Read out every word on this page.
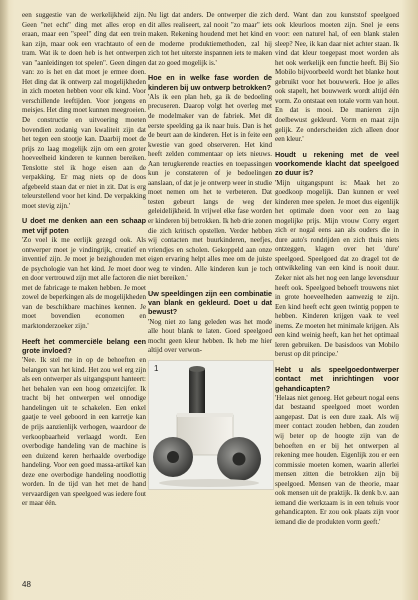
een suggestie van de werkelijkheid zijn. Geen "net echt" ding met alles erop en eraan, maar een "speel" ding dat een trein kan zijn, maar ook een vrachtauto of een tram. Wat ik te doen heb is het ontwerpen van "aanleidingen tot spelen". Geen dingen van: zo is het en dat moet je ermee doen. Het ding dat ik ontwerp zal mogelijkheden in zich moeten hebben voor elk kind. Voor verschillende leeftijden. Voor jongens en meisjes. Het ding moet kunnen meegroeien. De constructie en uitvoering moeten bovendien zodanig van kwaliteit zijn dat het tegen een stootje kan. Daarbij moet de prijs zo laag mogelijk zijn om een groter hoeveelheid kinderen te kunnen bereiken. Tenslotte stel ik hoge eisen aan de verpakking. Er mag niets op de doos afgebeeld staan dat er niet in zit. Dat is erg teleurstellend voor het kind. De verpakking moet stevig zijn.'

U doet me denken aan een schaap met vijf poten

'Zo voel ik me eerlijk gezegd ook. Als ontwerper moet je vindingrijk, creatief en inventief zijn. Je moet je bezighouden met de psychologie van het kind. Je moet door en door vertrouwd zijn met alle factoren die met de fabricage te maken hebben. Je moet zowel de beperkingen als de mogelijkheden van de beschikbare machines kennen. Je moet bovendien economen en marktonderzoeker zijn.'

Heeft het commerciële belang een grote invloed?

'Nee. Ik stel me in op de behoeften en belangen van het kind. Het zou wel erg zijn als een ontwerper als uitgangspunt hanteert: het behalen van een hoog omzetcijfer. Ik tracht bij het ontwerpen wel onnodige handelingen uit te schakelen. Een enkel gaatje te veel geboord in een karretje kan de prijs aanzienlijk verhogen, waardoor de verkoopbaarheid verlaagd wordt. Een overbodige handeling van de machine is een duizend keren herhaalde overbodige handeling. Voor een goed massa-artikel kan deze ene overbodige handeling noodlottig worden. In de tijd van het met de hand vervaardigen van speelgoed was iedere fout er maar één.

Nu ligt dat anders. De ontwerper die zich dit alles realiseert, zal nooit "zo maar" iets maken. Rekening houdend met het kind en de moderne produktiemethoden, zal hij zich tot het uiterste inspannen iets te maken dat zo goed mogelijk is.'

Hoe en in welke fase worden de kinderen bij uw ontwerp betrokken?

'Als ik een plan heb, ga ik de bedoeling precuseren. Daarop volgt het overleg met de modelmaker van de fabriek. Met dit eerste speelding ga ik naar huis. Dan is het de beurt aan de kinderen. Het is in feite een kwestie van goed observeren. Het kind heeft zelden commentaar op iets nieuws. Aan terugkerende reacties en toepassingen kun je constateren of je bedoelingen aanslaan, of dat je je ontwerp weer in studie moet nemen om het te verbeteren. Dat testen gebeurt langs de weg der geleidelijkheid. In vrijwel elke fase worden er kinderen bij betrokken. Ik heb drie zonen die zich kritisch opstellen. Verder hebben wij contacten met buurkinderen, neefjes, vriendjes en scholen. Gekoppeld aan onze eigen ervaring helpt alles mee om de juiste weg te vinden. Alle kinderen kun je toch niet bereiken.'

Uw speeldingen zijn een combinatie van blank en gekleurd. Doet u dat bewust?

'Nog niet zo lang geleden was het mode alle hout blank te laten. Goed speelgoed mocht geen kleur hebben. Ik heb me hier altijd over verwon-

1

derd. Want dan zou kunststof speelgoed ook kleurloos moeten zijn. Snel je eens voor: een naturel hal, of een blank stalen sleep? Nee, ik kan daar niet achter staan. Ik vind dat kleur toegepast moet worden als het ook werkelijk een functie heeft. Bij Sio Mobilo bijvoorbeeld wordt het blanke hout gebruikt voor het bouwwerk. Hoe je alles ook stapelt, het bouwwerk wordt altijd één vorm. Zo ontstaat een totale vorm van hout. En dat is mooi. De manieren zijn doelbewust gekleurd. Vorm en maat zijn gelijk. Ze onderscheiden zich alleen door een kleur.'

Houdt u rekening met de veel voorkomende klacht dat speelgoed zo duur is?

'Mijn uitgangspunt is: Maak het zo goedkoop mogelijk. Dan kunnen er veel kinderen mee spelen. Je moet dus eigenlijk het optimale doen voor een zo laag mogelijke prijs. Mijn vrouw Corry ergert zich er nogal eens aan als ouders die in dure auto's rondrijden en zich thuis niets ontzeggen, klagen over het 'dure' speelgoed. Speelgoed dat zo dragel tot de ontwikkeling van een kind is nooit duur. Zeker niet als het nog een lange levensduur heeft ook. Speelgoed behoeft trouwens niet in grote hoeveelheden aanwezig te zijn. Een kind heeft echt geen twintig poppen te hebben. Kinderen krijgen vaak te veel inems. Ze moeten het minimale krijgen. Als een kind weinig heeft, kan het het optimaal leren gebruiken. De basisdoos van Mobilo berust op dit principe.'

Hebt u als speelgoedontwerper contact met inrichtingen voor gehandicapten?

'Helaas niet genoeg. Het gebeurt nogal eens dat bestaand speelgoed moet worden aangepast. Dat is een dure zaak. Als wij meer contact zouden hebben, dan zouden wij beter op de hoogte zijn van de behoeften en er bij het ontwerpen al rekening mee houden. Eigenlijk zou er een commissie moeten komen, waarin allerlei mensen zitten die betrokken zijn bij speelgoed. Mensen van de theorie, maar ook mensen uit de praktijk. Ik denk b.v. aan iemand die werkzaam is in een tehuis voor gehandicapten. Er zou ook plaats zijn voor iemand die de produkten vorm geeft.'

48
